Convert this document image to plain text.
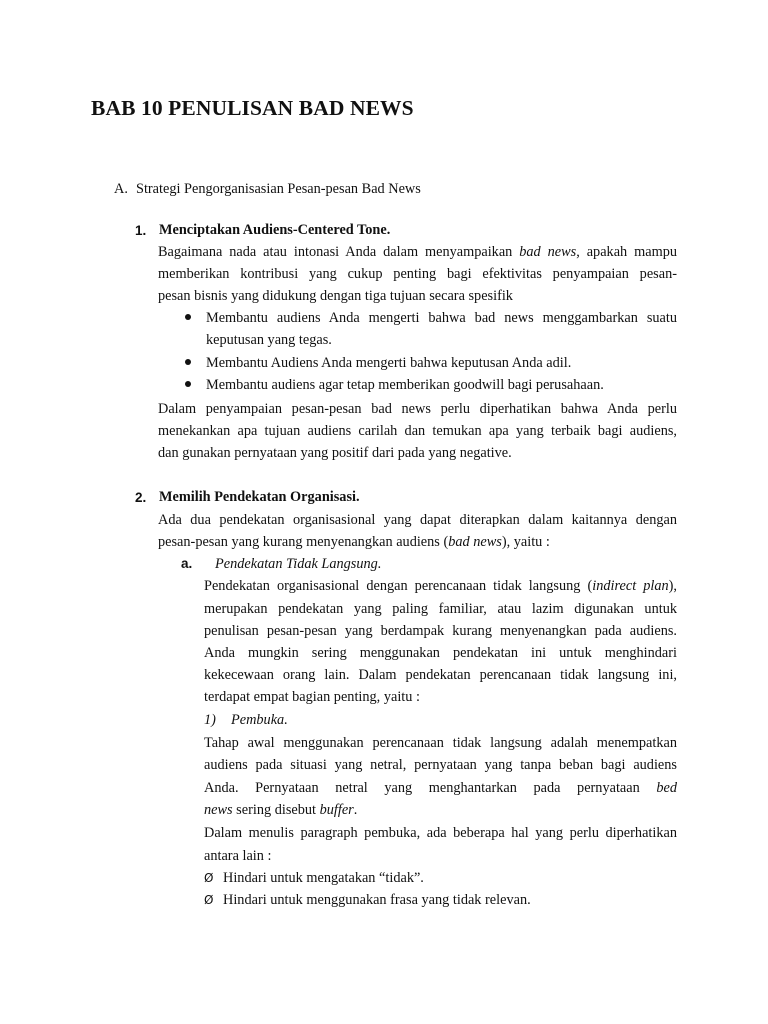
BAB 10 PENULISAN BAD NEWS
A. Strategi Pengorganisasian Pesan-pesan Bad News
1. Menciptakan Audiens-Centered Tone.
Bagaimana nada atau intonasi Anda dalam menyampaikan bad news, apakah mampu
memberikan kontribusi yang cukup penting bagi efektivitas penyampaian pesan-
pesan bisnis yang didukung dengan tiga tujuan secara spesifik
Membantu audiens Anda mengerti bahwa bad news menggambarkan suatu
keputusan yang tegas.
Membantu Audiens Anda mengerti bahwa keputusan Anda adil.
Membantu audiens agar tetap memberikan goodwill bagi perusahaan.
Dalam penyampaian pesan-pesan bad news perlu diperhatikan bahwa Anda perlu
menekankan apa tujuan audiens carilah dan temukan apa yang terbaik bagi audiens,
dan gunakan pernyataan yang positif dari pada yang negative.
2. Memilih Pendekatan Organisasi.
Ada dua pendekatan organisasional yang dapat diterapkan dalam kaitannya dengan
pesan-pesan yang kurang menyenangkan audiens (bad news), yaitu :
a. Pendekatan Tidak Langsung.
Pendekatan organisasional dengan perencanaan tidak langsung (indirect plan),
merupakan pendekatan yang paling familiar, atau lazim digunakan untuk
penulisan pesan-pesan yang berdampak kurang menyenangkan pada audiens.
Anda mungkin sering menggunakan pendekatan ini untuk menghindari
kekecewaan orang lain. Dalam pendekatan perencanaan tidak langsung ini,
terdapat empat bagian penting, yaitu :
1) Pembuka.
Tahap awal menggunakan perencanaan tidak langsung adalah menempatkan
audiens pada situasi yang netral, pernyataan yang tanpa beban bagi audiens
Anda. Pernyataan netral yang menghantarkan pada pernyataan bed
news sering disebut buffer.
Dalam menulis paragraph pembuka, ada beberapa hal yang perlu diperhatikan
antara lain :
Ø Hindari untuk mengatakan “tidak”.
Ø Hindari untuk menggunakan frasa yang tidak relevan.
